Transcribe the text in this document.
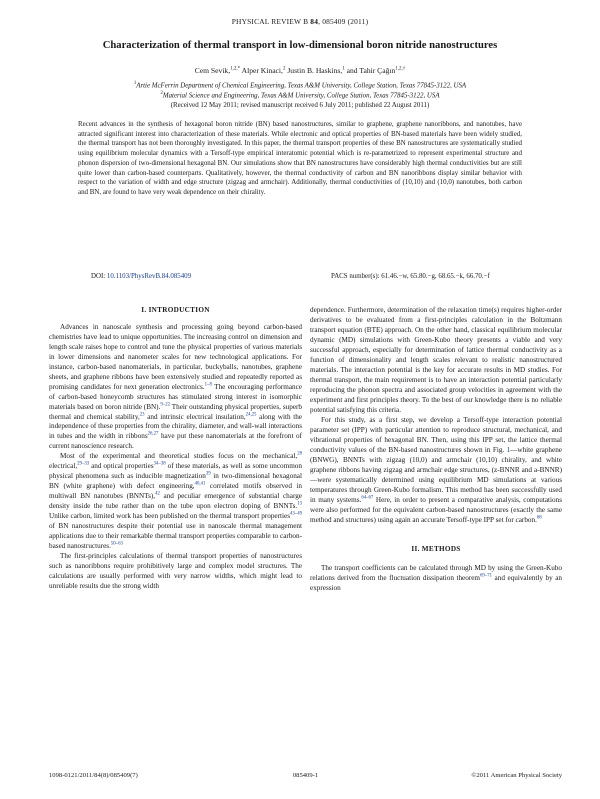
PHYSICAL REVIEW B 84, 085409 (2011)
Characterization of thermal transport in low-dimensional boron nitride nanostructures
Cem Sevik,$^{1,2,*}$ Alper Kinaci,$^2$ Justin B. Haskins,$^1$ and Tahir Çağın$^{1,2,\dagger}$
$^1$Artie McFerrin Department of Chemical Engineering, Texas A&M University, College Station, Texas 77845-3122, USA
$^2$Material Science and Engineering, Texas A&M University, College Station, Texas 77845-3122, USA
(Received 12 May 2011; revised manuscript received 6 July 2011; published 22 August 2011)
Recent advances in the synthesis of hexagonal boron nitride (BN) based nanostructures, similar to graphene, graphene nanoribbons, and nanotubes, have attracted significant interest into characterization of these materials. While electronic and optical properties of BN-based materials have been widely studied, the thermal transport has not been thoroughly investigated. In this paper, the thermal transport properties of these BN nanostructures are systematically studied using equilibrium molecular dynamics with a Tersoff-type empirical interatomic potential which is re-parametrized to represent experimental structure and phonon dispersion of two-dimensional hexagonal BN. Our simulations show that BN nanostructures have considerably high thermal conductivities but are still quite lower than carbon-based counterparts. Qualitatively, however, the thermal conductivity of carbon and BN nanoribbons display similar behavior with respect to the variation of width and edge structure (zigzag and armchair). Additionally, thermal conductivities of (10,10) and (10,0) nanotubes, both carbon and BN, are found to have very weak dependence on their chirality.
DOI: 10.1103/PhysRevB.84.085409	PACS number(s): 61.46.−w, 65.80.−g, 68.65.−k, 66.70.−f
I. INTRODUCTION

Advances in nanoscale synthesis and processing going beyond carbon-based chemistries have lead to unique opportunities. The increasing control on dimension and length scale raises hope to control and tune the physical properties of various materials in lower dimensions and nanometer scales for new technological applications. For instance, carbon-based nanomaterials, in particular, buckyballs, nanotubes, graphene sheets, and graphene ribbons have been extensively studied and repeatedly reported as promising candidates for next generation electronics.$^{1-8}$ The encouraging performance of carbon-based honeycomb structures has stimulated strong interest in isomorphic materials based on boron nitride (BN).$^{9-22}$ Their outstanding physical properties, superb thermal and chemical stability,$^{23}$ and intrinsic electrical insulation,$^{24,25}$ along with the independence of these properties from the chirality, diameter, and wall-wall interactions in tubes and the width in ribbons$^{26,27}$ have put these nanomaterials at the forefront of current nanoscience research.

Most of the experimental and theoretical studies focus on the mechanical,$^{28}$ electrical,$^{29-33}$ and optical properties$^{34-38}$ of these materials, as well as some uncommon physical phenomena such as inducible magnetization$^{39}$ in two-dimensional hexagonal BN (white graphene) with defect engineering,$^{40,41}$ correlated motifs observed in multiwall BN nanotubes (BNNTs),$^{42}$ and peculiar emergence of substantial charge density inside the tube rather than on the tube upon electron doping of BNNTs.$^{13}$ Unlike carbon, limited work has been published on the thermal transport properties$^{43-49}$ of BN nanostructures despite their potential use in nanoscale thermal management applications due to their remarkable thermal transport properties comparable to carbon-based nanostructures.$^{50-63}$

The first-principles calculations of thermal transport properties of nanostructures such as nanoribbons require prohibitively large and complex model structures. The calculations are usually performed with very narrow widths, which might lead to unreliable results due the strong width

dependence. Furthermore, determination of the relaxation time(s) requires higher-order derivatives to be evaluated from a first-principles calculation in the Boltzmann transport equation (BTE) approach. On the other hand, classical equilibrium molecular dynamic (MD) simulations with Green-Kubo theory presents a viable and very successful approach, especially for determination of lattice thermal conductivity as a function of dimensionality and length scales relevant to realistic nanostructured materials. The interaction potential is the key for accurate results in MD studies. For thermal transport, the main requirement is to have an interaction potential particularly reproducing the phonon spectra and associated group velocities in agreement with the experiment and first principles theory. To the best of our knowledge there is no reliable potential satisfying this criteria.

For this study, as a first step, we develop a Tersoff-type interaction potential parameter set (IPP) with particular attention to reproduce structural, mechanical, and vibrational properties of hexagonal BN. Then, using this IPP set, the lattice thermal conductivity values of the BN-based nanostructures shown in Fig. 1—white graphene (BNWG), BNNTs with zigzag (10,0) and armchair (10,10) chirality, and white graphene ribbons having zigzag and armchair edge structures, (z-BNNR and a-BNNR)—were systematically determined using equilibrium MD simulations at various temperatures through Green-Kubo formalism. This method has been successfully used in many systems.$^{64-67}$ Here, in order to present a comparative analysis, computations were also performed for the equivalent carbon-based nanostructures (exactly the same method and structures) using again an accurate Tersoff-type IPP set for carbon.$^{68}$

II. METHODS

The transport coefficients can be calculated through MD by using the Green-Kubo relations derived from the fluctuation dissipation theorem$^{69-71}$ and equivalently by an expression

1098-0121/2011/84(8)/085409(7)	085409-1	©2011 American Physical Society
